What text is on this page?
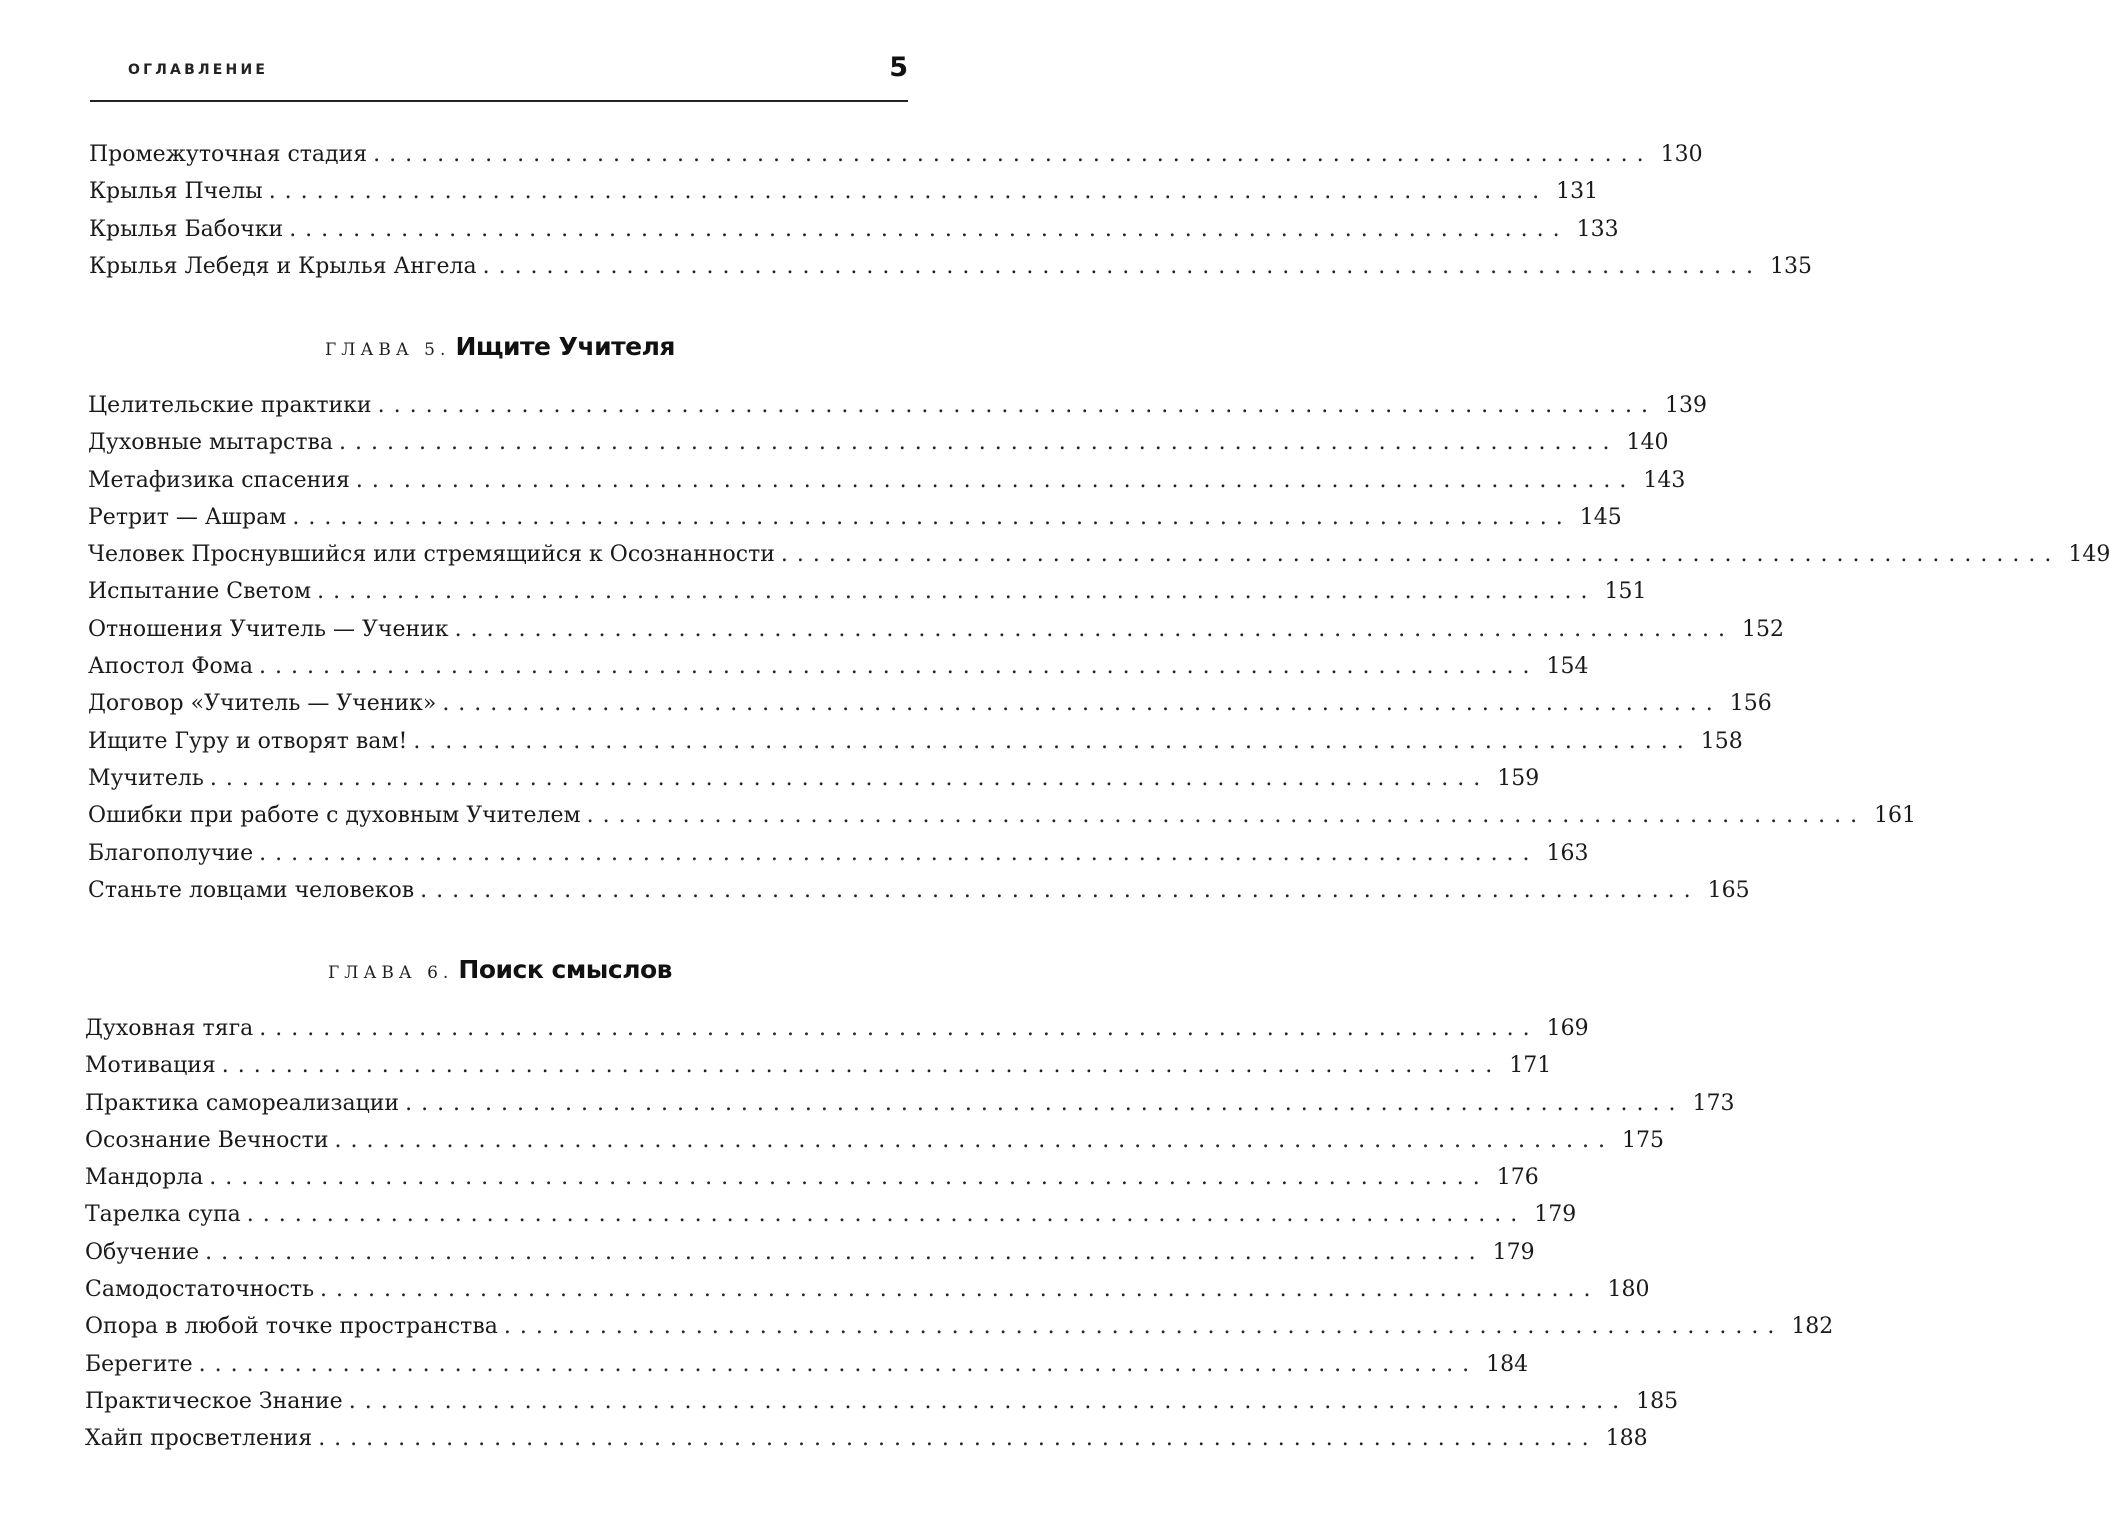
ОГЛАВЛЕНИЕ	5
Промежуточная стадия ................................................................................ 130
Крылья Пчелы ................................................................................ 131
Крылья Бабочки ................................................................................ 133
Крылья Лебедя и Крылья Ангела ................................................................................ 135
ГЛАВА 5. Ищите Учителя
Целительские практики ................................................................................ 139
Духовные мытарства ................................................................................ 140
Метафизика спасения ................................................................................ 143
Ретрит — Ашрам ................................................................................ 145
Человек Проснувшийся или стремящийся к Осознанности ................................................................................ 149
Испытание Светом ................................................................................ 151
Отношения Учитель — Ученик ................................................................................ 152
Апостол Фома ................................................................................ 154
Договор «Учитель — Ученик» ................................................................................ 156
Ищите Гуру и отворят вам! ................................................................................ 158
Мучитель ................................................................................ 159
Ошибки при работе с духовным Учителем ................................................................................ 161
Благополучие ................................................................................ 163
Станьте ловцами человеков ................................................................................ 165
ГЛАВА 6. Поиск смыслов
Духовная тяга ................................................................................ 169
Мотивация ................................................................................ 171
Практика самореализации ................................................................................ 173
Осознание Вечности ................................................................................ 175
Мандорла ................................................................................ 176
Тарелка супа ................................................................................ 179
Обучение ................................................................................ 179
Самодостаточность ................................................................................ 180
Опора в любой точке пространства ................................................................................ 182
Берегите ................................................................................ 184
Практическое Знание ................................................................................ 185
Хайп просветления ................................................................................ 188
